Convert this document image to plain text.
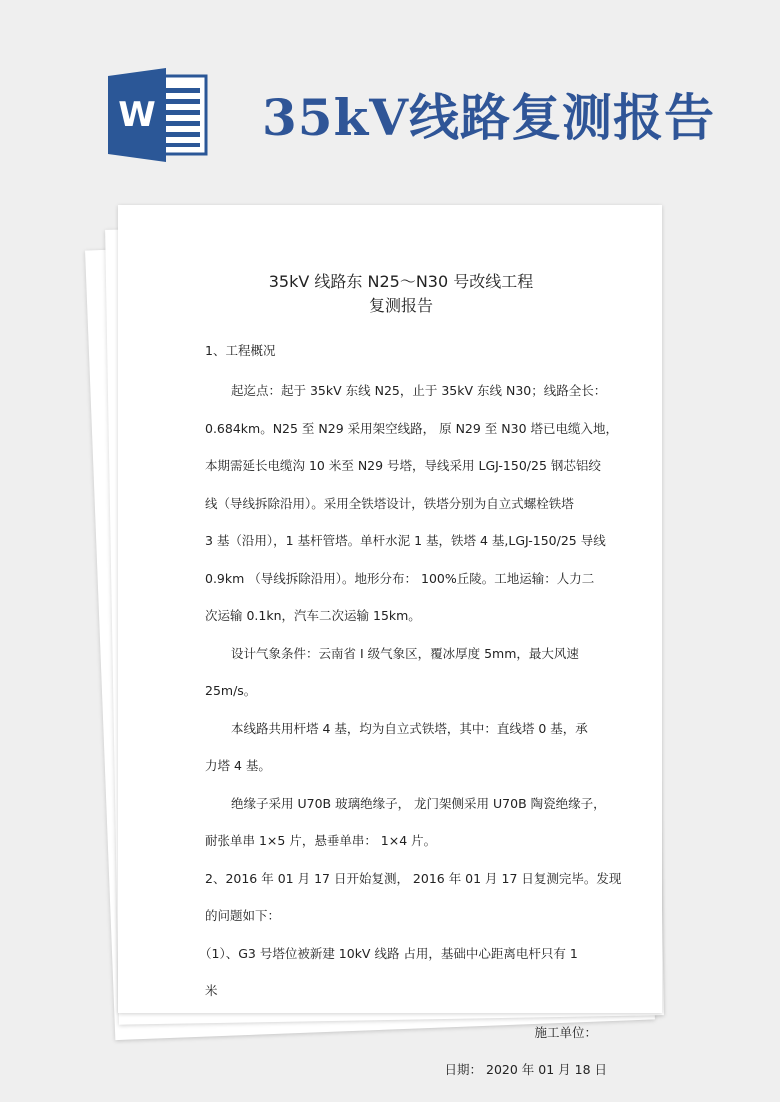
W 35kV线路复测报告
35kV 线路东 N25～N30 号改线工程
复测报告
1、工程概况
起迄点：起于 35kV 东线 N25，止于 35kV 东线 N30；线路全长：
0.684km。N25 至 N29 采用架空线路， 原 N29 至 N30 塔已电缆入地，
本期需延长电缆沟 10 米至 N29 号塔，导线采用 LGJ-150/25 钢芯铝绞
线（导线拆除沿用）。采用全铁塔设计，铁塔分别为自立式螺栓铁塔
3 基（沿用），1 基杆管塔。单杆水泥 1 基，铁塔 4 基,LGJ-150/25 导线
0.9km （导线拆除沿用）。地形分布： 100%丘陵。工地运输：人力二
次运输 0.1kn，汽车二次运输 15km。
设计气象条件：云南省 I 级气象区，覆冰厚度 5mm，最大风速
25m/s。
本线路共用杆塔 4 基，均为自立式铁塔，其中：直线塔 0 基，承
力塔 4 基。
绝缘子采用 U70B 玻璃绝缘子， 龙门架侧采用 U70B 陶瓷绝缘子，
耐张单串 1×5 片，悬垂单串： 1×4 片。
2、2016 年 01 月 17 日开始复测， 2016 年 01 月 17 日复测完毕。发现
的问题如下：
（1）、G3 号塔位被新建 10kV 线路 占用，基础中心距离电杆只有 1
米
施工单位：
日期： 2020 年 01 月 18 日
